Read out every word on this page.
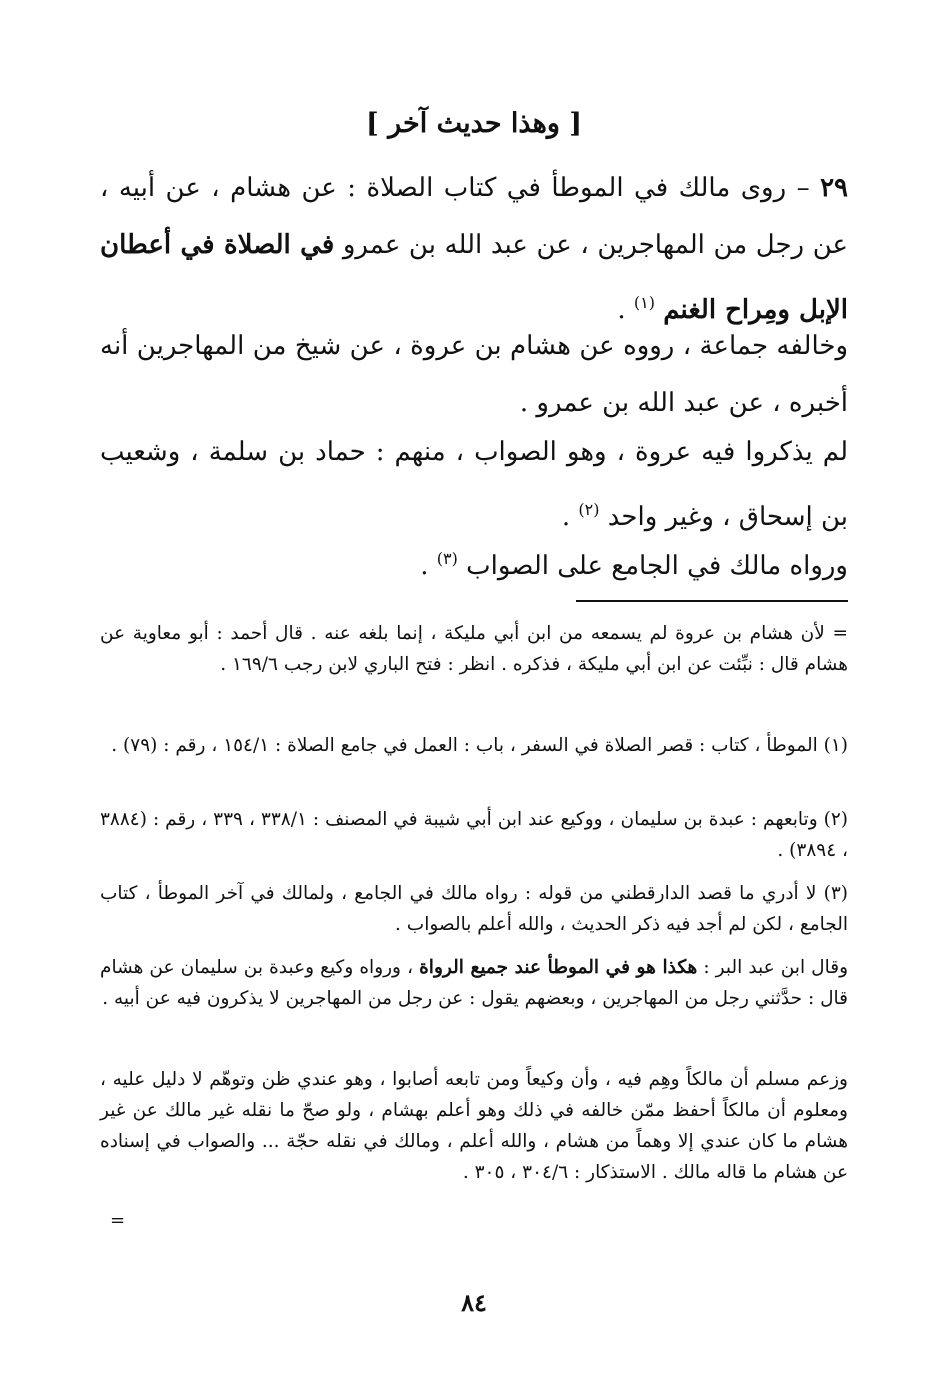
[ وهذا حديث آخر ]

٢٩ – روى مالك في الموطأ في كتاب الصلاة : عن هشام ، عن أبيه ، عن رجل من المهاجرين ، عن عبد الله بن عمرو في الصلاة في أعطان الإبل ومِراح الغنم $^{(١)}$ .

وخالفه جماعة ، رووه عن هشام بن عروة ، عن شيخ من المهاجرين أنه أخبره ، عن عبد الله بن عمرو .

لم يذكروا فيه عروة ، وهو الصواب ، منهم : حماد بن سلمة ، وشعيب بن إسحاق ، وغير واحد $^{(٢)}$ .

ورواه مالك في الجامع على الصواب $^{(٣)}$ .

= لأن هشام بن عروة لم يسمعه من ابن أبي مليكة ، إنما بلغه عنه . قال أحمد : أبو معاوية عن هشام قال : نبِّئت عن ابن أبي مليكة ، فذكره . انظر : فتح الباري لابن رجب ١٦٩/٦ .

(١) الموطأ ، كتاب : قصر الصلاة في السفر ، باب : العمل في جامع الصلاة : ١٥٤/١ ، رقم : (٧٩) .

(٢) وتابعهم : عبدة بن سليمان ، ووكيع عند ابن أبي شيبة في المصنف : ٣٣٨/١ ، ٣٣٩ ، رقم : (٣٨٨٤ ، ٣٨٩٤) .

(٣) لا أدري ما قصد الدارقطني من قوله : رواه مالك في الجامع ، ولمالك في آخر الموطأ ، كتاب الجامع ، لكن لم أجد فيه ذكر الحديث ، والله أعلم بالصواب .

وقال ابن عبد البر : هكذا هو في الموطأ عند جميع الرواة ، ورواه وكيع وعبدة بن سليمان عن هشام قال : حدَّثني رجل من المهاجرين ، وبعضهم يقول : عن رجل من المهاجرين لا يذكرون فيه عن أبيه .

وزعم مسلم أن مالكاً وهِم فيه ، وأن وكيعاً ومن تابعه أصابوا ، وهو عندي ظن وتوهّم لا دليل عليه ، ومعلوم أن مالكاً أحفظ ممّن خالفه في ذلك وهو أعلم بهشام ، ولو صحّ ما نقله غير مالك عن غير هشام ما كان عندي إلا وهماً من هشام ، والله أعلم ، ومالك في نقله حجّة ... والصواب في إسناده عن هشام ما قاله مالك . الاستذكار : ٣٠٤/٦ ، ٣٠٥ .

=
٨٤
